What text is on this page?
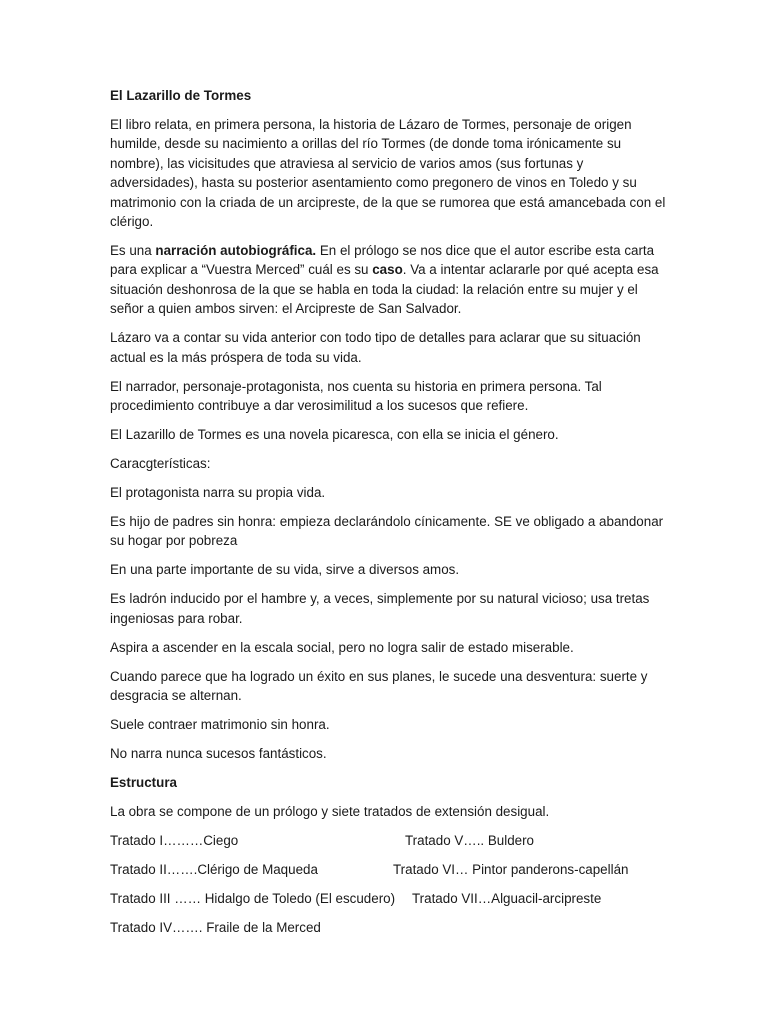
El Lazarillo de Tormes

El libro relata, en primera persona, la historia de Lázaro de Tormes, personaje de origen humilde, desde su nacimiento a orillas del río Tormes (de donde toma irónicamente su nombre), las vicisitudes que atraviesa al servicio de varios amos (sus fortunas y adversidades), hasta su posterior asentamiento como pregonero de vinos en Toledo y su matrimonio con la criada de un arcipreste, de la que se rumorea que está amancebada con el clérigo.

Es una narración autobiográfica. En el prólogo se nos dice que el autor escribe esta carta para explicar a “Vuestra Merced” cuál es su caso. Va a intentar aclararle por qué acepta esa situación deshonrosa de la que se habla en toda la ciudad: la relación entre su mujer y el señor a quien ambos sirven: el Arcipreste de San Salvador.

Lázaro va a contar su vida anterior con todo tipo de detalles para aclarar que su situación actual es la más próspera de toda su vida.

El narrador, personaje-protagonista, nos cuenta su historia en primera persona. Tal procedimiento contribuye a dar verosimilitud a los sucesos que refiere.

El Lazarillo de Tormes es una novela picaresca, con ella se inicia el género.

Caracgterísticas:

El protagonista narra su propia vida.

Es hijo de padres sin honra: empieza declarándolo cínicamente. SE ve obligado a abandonar su hogar por pobreza

En una parte importante de su vida, sirve a diversos amos.

Es ladrón inducido por el hambre y, a veces, simplemente por su natural vicioso; usa tretas ingeniosas para robar.

Aspira a ascender en la escala social, pero no logra salir de estado miserable.

Cuando parece que ha logrado un éxito en sus planes, le sucede una desventura: suerte y desgracia se alternan.

Suele contraer matrimonio sin honra.

No narra nunca sucesos fantásticos.

Estructura

La obra se compone de un prólogo y siete tratados de extensión desigual.

Tratado I………Ciego	Tratado V….. Buldero
Tratado II…….Clérigo de Maqueda	Tratado VI… Pintor panderons-capellán
Tratado III …… Hidalgo de Toledo (El escudero) Tratado VII…Alguacil-arcipreste
Tratado IV……. Fraile de la Merced
